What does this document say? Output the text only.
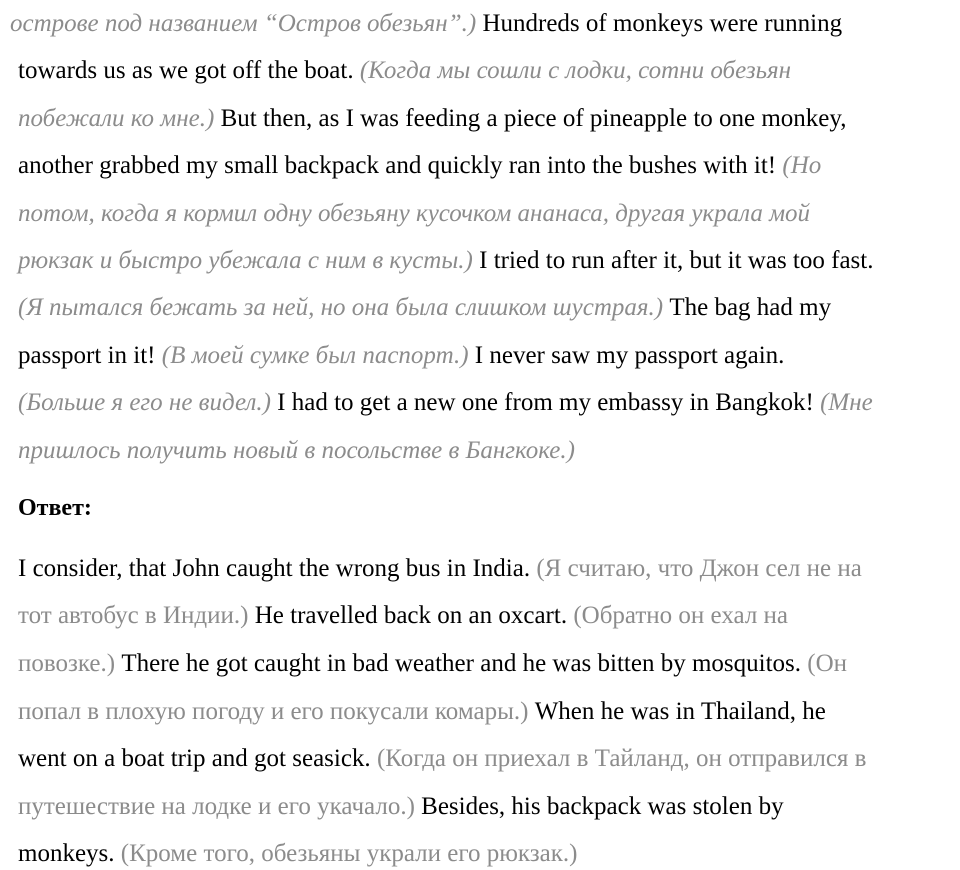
острове под названием “Остров обезьян”.) Hundreds of monkeys were running
towards us as we got off the boat. (Когда мы сошли с лодки, сотни обезьян
побежали ко мне.) But then, as I was feeding a piece of pineapple to one monkey,
another grabbed my small backpack and quickly ran into the bushes with it! (Но
потом, когда я кормил одну обезьяну кусочком ананаса, другая украла мой
рюкзак и быстро убежала с ним в кусты.) I tried to run after it, but it was too fast.
(Я пытался бежать за ней, но она была слишком шустрая.) The bag had my
passport in it! (В моей сумке был паспорт.) I never saw my passport again.
(Больше я его не видел.) I had to get a new one from my embassy in Bangkok! (Мне
пришлось получить новый в посольстве в Бангкоке.)
Ответ:
I consider, that John caught the wrong bus in India. (Я считаю, что Джон сел не на
тот автобус в Индии.) He travelled back on an oxcart. (Обратно он ехал на
повозке.) There he got caught in bad weather and he was bitten by mosquitos. (Он
попал в плохую погоду и его покусали комары.) When he was in Thailand, he
went on a boat trip and got seasick. (Когда он приехал в Тайланд, он отправился в
путешествие на лодке и его укачало.) Besides, his backpack was stolen by
monkeys. (Кроме того, обезьяны украли его рюкзак.)
